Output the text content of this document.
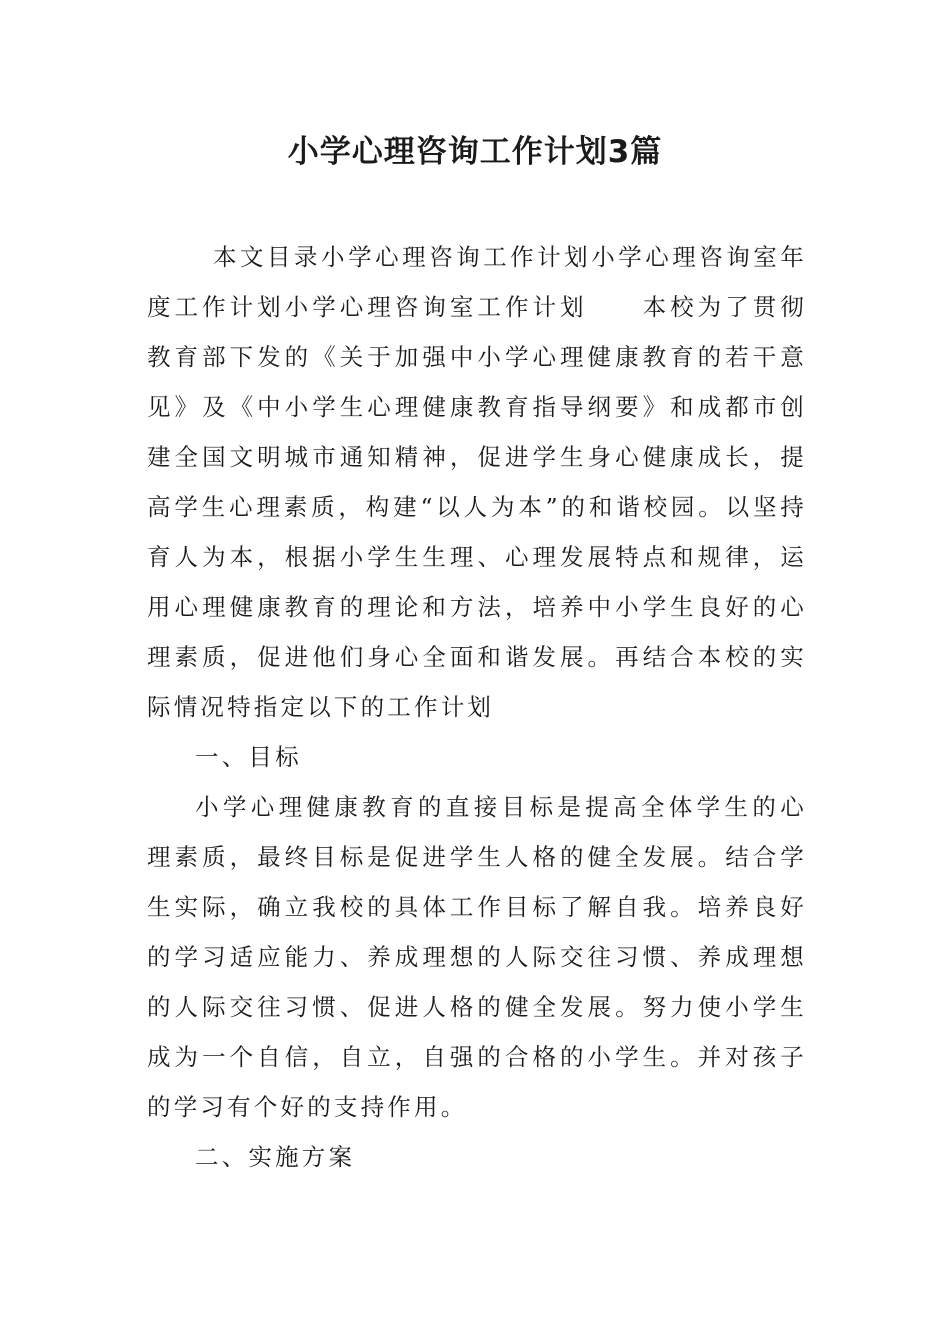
小学心理咨询工作计划3篇

本文目录小学心理咨询工作计划小学心理咨询室年度工作计划小学心理咨询室工作计划　　本校为了贯彻教育部下发的《关于加强中小学心理健康教育的若干意见》及《中小学生心理健康教育指导纲要》和成都市创建全国文明城市通知精神，促进学生身心健康成长，提高学生心理素质，构建“以人为本”的和谐校园。以坚持育人为本，根据小学生生理、心理发展特点和规律，运用心理健康教育的理论和方法，培养中小学生良好的心理素质，促进他们身心全面和谐发展。再结合本校的实际情况特指定以下的工作计划

一、目标

小学心理健康教育的直接目标是提高全体学生的心理素质，最终目标是促进学生人格的健全发展。结合学生实际，确立我校的具体工作目标了解自我。培养良好的学习适应能力、养成理想的人际交往习惯、养成理想的人际交往习惯、促进人格的健全发展。努力使小学生成为一个自信，自立，自强的合格的小学生。并对孩子的学习有个好的支持作用。

二、实施方案
